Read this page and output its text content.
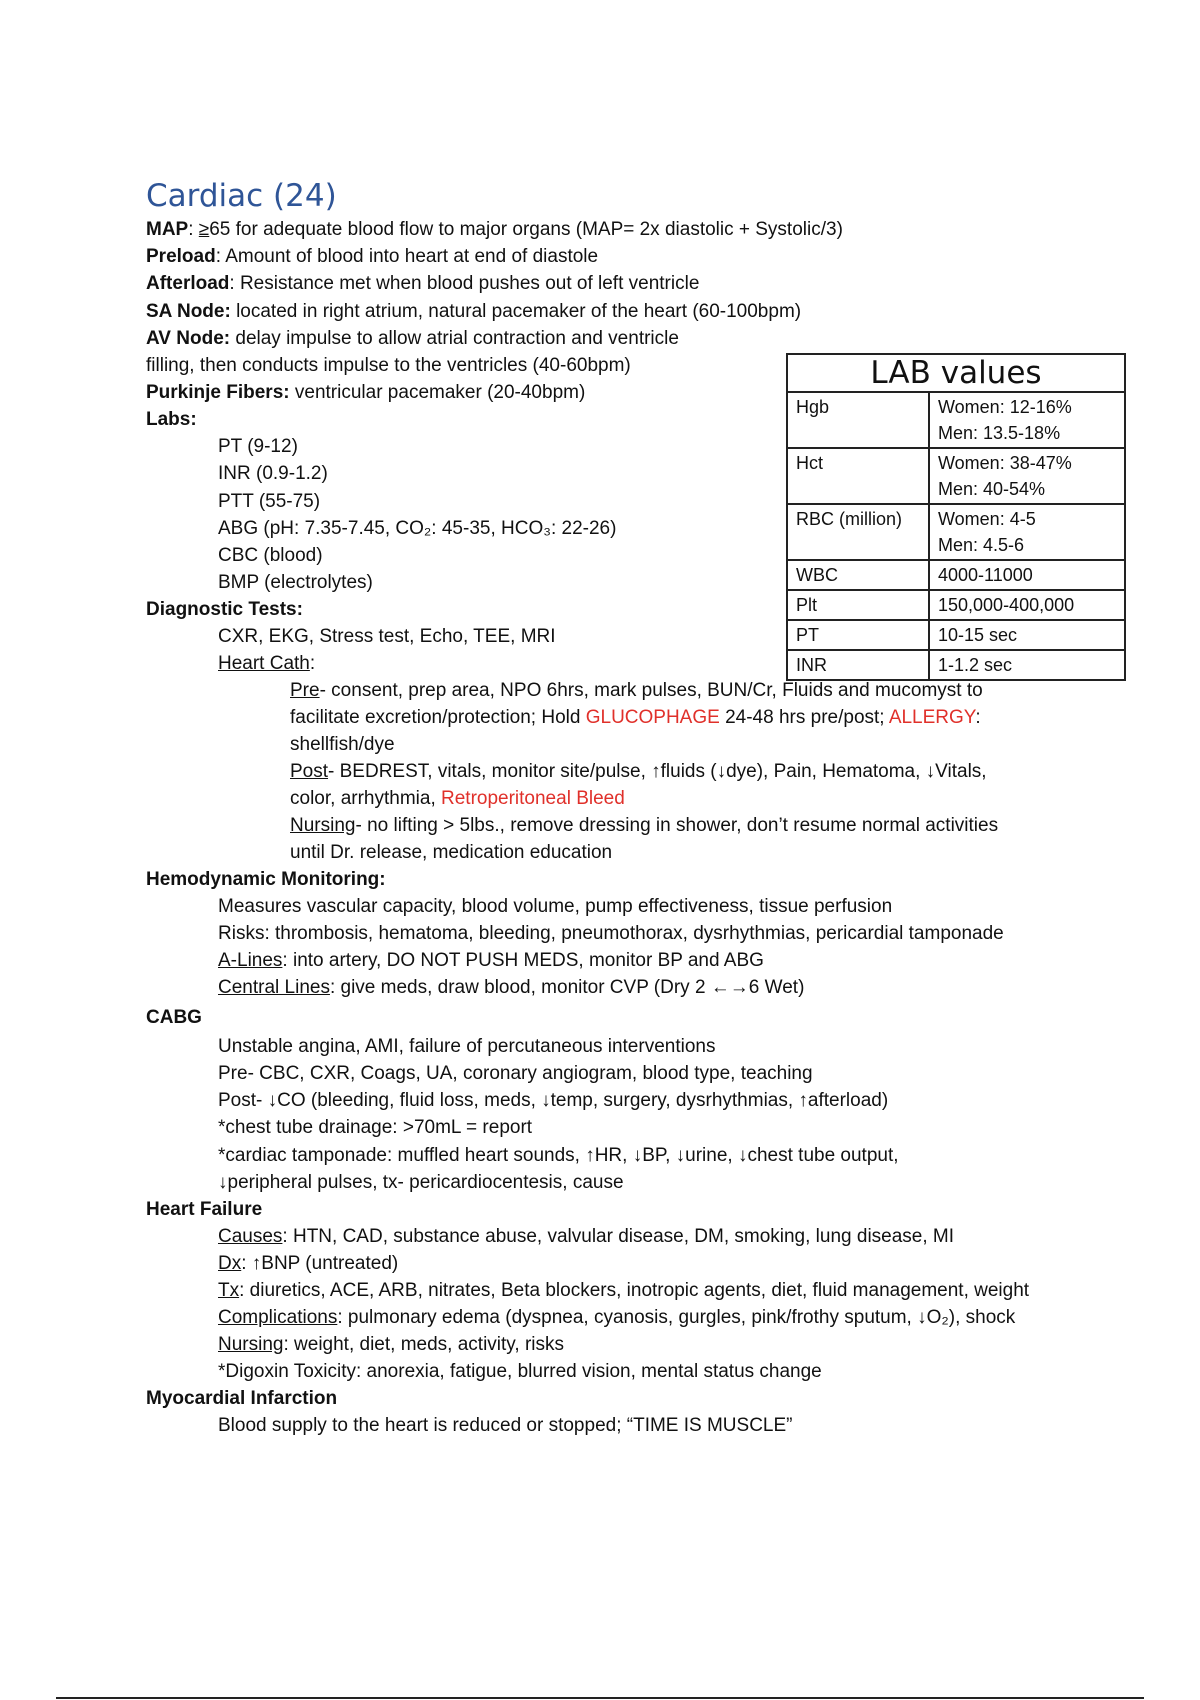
Cardiac (24)
MAP: ≥65 for adequate blood flow to major organs (MAP= 2x diastolic + Systolic/3)
Preload: Amount of blood into heart at end of diastole
Afterload: Resistance met when blood pushes out of left ventricle
SA Node: located in right atrium, natural pacemaker of the heart (60-100bpm)
AV Node: delay impulse to allow atrial contraction and ventricle
filling, then conducts impulse to the ventricles (40-60bpm)
Purkinje Fibers: ventricular pacemaker (20-40bpm)
Labs:
PT (9-12)
INR (0.9-1.2)
PTT (55-75)
ABG (pH: 7.35-7.45, CO₂: 45-35, HCO₃: 22-26)
CBC (blood)
BMP (electrolytes)
Diagnostic Tests:
CXR, EKG, Stress test, Echo, TEE, MRI
Heart Cath:
Pre- consent, prep area, NPO 6hrs, mark pulses, BUN/Cr, Fluids and mucomyst to
facilitate excretion/protection; Hold GLUCOPHAGE 24-48 hrs pre/post; ALLERGY:
shellfish/dye
Post- BEDREST, vitals, monitor site/pulse, ↑fluids (↓dye), Pain, Hematoma, ↓Vitals,
color, arrhythmia, Retroperitoneal Bleed
Nursing- no lifting > 5lbs., remove dressing in shower, don’t resume normal activities
until Dr. release, medication education
Hemodynamic Monitoring:
Measures vascular capacity, blood volume, pump effectiveness, tissue perfusion
Risks: thrombosis, hematoma, bleeding, pneumothorax, dysrhythmias, pericardial tamponade
A-Lines: into artery, DO NOT PUSH MEDS, monitor BP and ABG
Central Lines: give meds, draw blood, monitor CVP (Dry 2 ←→6 Wet)
CABG
Unstable angina, AMI, failure of percutaneous interventions
Pre- CBC, CXR, Coags, UA, coronary angiogram, blood type, teaching
Post- ↓CO (bleeding, fluid loss, meds, ↓temp, surgery, dysrhythmias, ↑afterload)
*chest tube drainage: >70mL = report
*cardiac tamponade: muffled heart sounds, ↑HR, ↓BP, ↓urine, ↓chest tube output,
↓peripheral pulses, tx- pericardiocentesis, cause
Heart Failure
Causes: HTN, CAD, substance abuse, valvular disease, DM, smoking, lung disease, MI
Dx: ↑BNP (untreated)
Tx: diuretics, ACE, ARB, nitrates, Beta blockers, inotropic agents, diet, fluid management, weight
Complications: pulmonary edema (dyspnea, cyanosis, gurgles, pink/frothy sputum, ↓O₂), shock
Nursing: weight, diet, meds, activity, risks
*Digoxin Toxicity: anorexia, fatigue, blurred vision, mental status change
Myocardial Infarction
Blood supply to the heart is reduced or stopped; “TIME IS MUSCLE”
LAB values	
Hgb	Women: 12-16%
Men: 13.5-18%

Hct	Women: 38-47%
Men: 40-54%

RBC (million)	Women: 4-5
Men: 4.5-6

WBC	4000-11000
Plt	150,000-400,000
PT	10-15 sec
INR	1-1.2 sec
